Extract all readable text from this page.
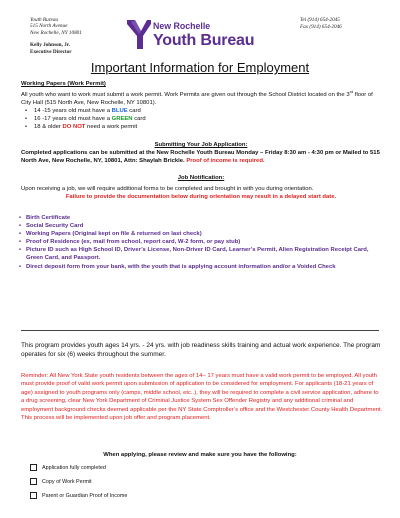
Youth Bureau
515 North Avenue
New Rochelle, NY 10801
Kelly Johnson, Jr.
Executive Director
New Rochelle
Youth Bureau
Tel (914) 654-2045
Fax (914) 654-2046
Important Information for Employment
Working Papers (Work Permit)
All youth who want to work must submit a work permit. Work Permits are given out through the School District located on the 3rd floor of City Hall (515 North Ave, New Rochelle, NY 10801).
• 14 -15 years old must have a BLUE card
• 16 -17 years old must have a GREEN card
• 18 & older DO NOT need a work permit
Submitting Your Job Application:
Completed applications can be submitted at the New Rochelle Youth Bureau Monday – Friday 8:30 am - 4:30 pm or Mailed to 515 North Ave, New Rochelle, NY, 10801, Attn: Shaylah Brickle. Proof of income is required.
Job Notification:
Upon receiving a job, we will require additional forms to be completed and brought in with you during orientation.
Failure to provide the documentation below during orientation may result in a delayed start date.
• Birth Certificate
• Social Security Card
• Working Papers (Original kept on file & returned on last check)
• Proof of Residence (ex, mail from school, report card, W-2 form, or pay stub)
• Picture ID such as High School ID, Driver’s License, Non-Driver ID Card, Learner’s Permit, Alien Registration Receipt Card, Green Card, and Passport.
• Direct deposit form from your bank, with the youth that is applying account information and/or a Voided Check
This program provides youth ages 14 yrs. - 24 yrs. with job readiness skills training and actual work experience. The program operates for six (6) weeks throughout the summer.
Reminder: All New York State youth residents between the ages of 14– 17 years must have a valid work permit to be employed. All youth must provide proof of valid work permit upon submission of application to be considered for employment. For applicants (18-21 years of age) assigned to youth programs only (camps, middle school, etc..), they will be required to complete a civil service application, adhere to a drug screening, clear New York Department of Criminal Justice System Sex Offender Registry and any additional criminal and employment background checks deemed applicable per the NY State Comptroller’s office and the Westchester County Health Department. This process will be implemented upon job offer and program placement.
When applying, please review and make sure you have the following:
Application fully completed
Copy of Work Permit
Parent or Guardian Proof of Income
